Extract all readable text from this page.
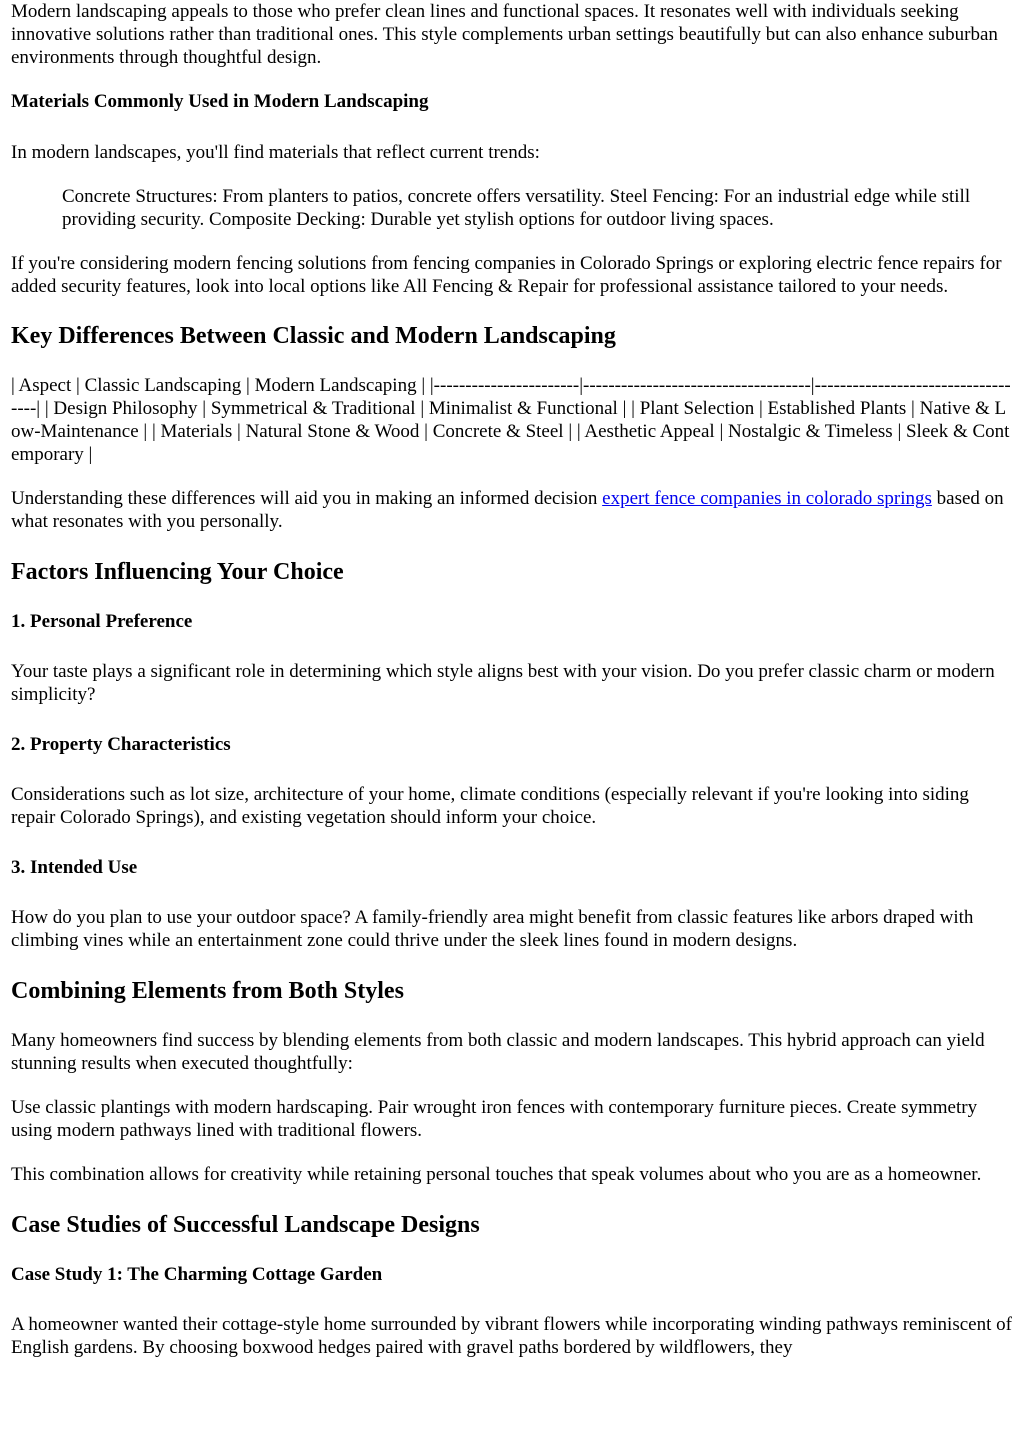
Modern landscaping appeals to those who prefer clean lines and functional spaces. It resonates well with individuals seeking innovative solutions rather than traditional ones. This style complements urban settings beautifully but can also enhance suburban environments through thoughtful design.

Materials Commonly Used in Modern Landscaping

In modern landscapes, you'll find materials that reflect current trends:

Concrete Structures: From planters to patios, concrete offers versatility. Steel Fencing: For an industrial edge while still providing security. Composite Decking: Durable yet stylish options for outdoor living spaces.

If you're considering modern fencing solutions from fencing companies in Colorado Springs or exploring electric fence repairs for added security features, look into local options like All Fencing & Repair for professional assistance tailored to your needs.

Key Differences Between Classic and Modern Landscaping

| Aspect | Classic Landscaping | Modern Landscaping | |-----------------------|------------------------------------|-----------------------------------| | Design Philosophy | Symmetrical & Traditional | Minimalist & Functional | | Plant Selection | Established Plants | Native & Low-Maintenance | | Materials | Natural Stone & Wood | Concrete & Steel | | Aesthetic Appeal | Nostalgic & Timeless | Sleek & Contemporary |

Understanding these differences will aid you in making an informed decision expert fence companies in colorado springs based on what resonates with you personally.

Factors Influencing Your Choice
1. Personal Preference

Your taste plays a significant role in determining which style aligns best with your vision. Do you prefer classic charm or modern simplicity?

2. Property Characteristics

Considerations such as lot size, architecture of your home, climate conditions (especially relevant if you're looking into siding repair Colorado Springs), and existing vegetation should inform your choice.

3. Intended Use

How do you plan to use your outdoor space? A family-friendly area might benefit from classic features like arbors draped with climbing vines while an entertainment zone could thrive under the sleek lines found in modern designs.

Combining Elements from Both Styles

Many homeowners find success by blending elements from both classic and modern landscapes. This hybrid approach can yield stunning results when executed thoughtfully:

Use classic plantings with modern hardscaping. Pair wrought iron fences with contemporary furniture pieces. Create symmetry using modern pathways lined with traditional flowers.

This combination allows for creativity while retaining personal touches that speak volumes about who you are as a homeowner.

Case Studies of Successful Landscape Designs
Case Study 1: The Charming Cottage Garden

A homeowner wanted their cottage-style home surrounded by vibrant flowers while incorporating winding pathways reminiscent of English gardens. By choosing boxwood hedges paired with gravel paths bordered by wildflowers, they
